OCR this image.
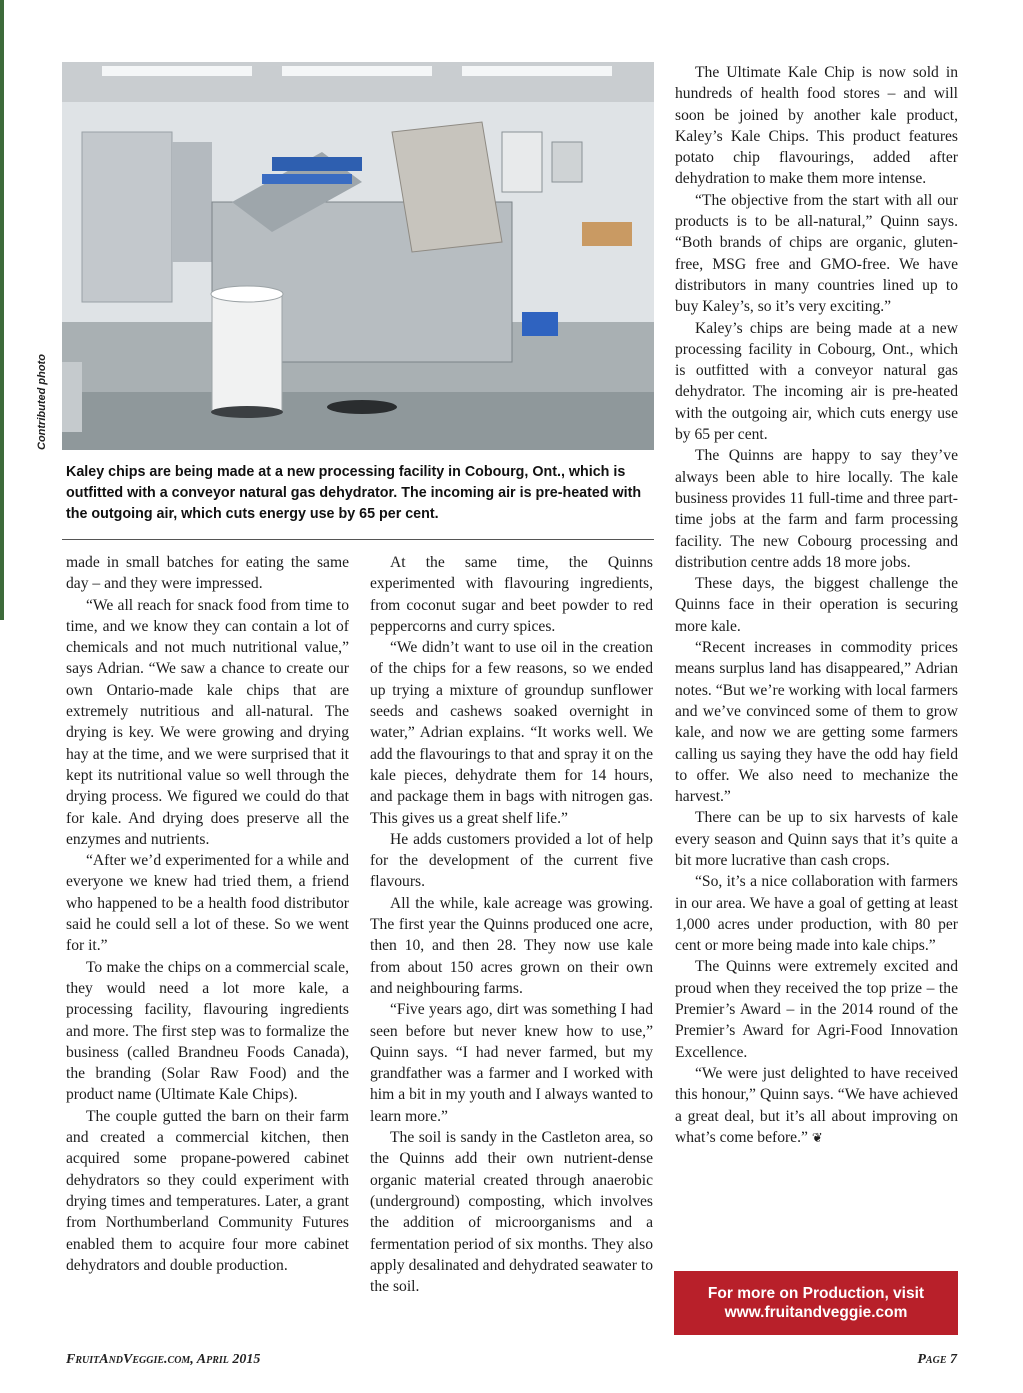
Contributed photo
Kaley chips are being made at a new processing facility in Cobourg, Ont., which is outfitted with a conveyor natural gas dehydrator. The incoming air is pre-heated with the outgoing air, which cuts energy use by 65 per cent.

made in small batches for eating the same day – and they were impressed.

“We all reach for snack food from time to time, and we know they can contain a lot of chemicals and not much nutritional value,” says Adrian. “We saw a chance to create our own Ontario-made kale chips that are extremely nutritious and all-natural. The drying is key. We were growing and drying hay at the time, and we were surprised that it kept its nutritional value so well through the drying process. We figured we could do that for kale. And drying does preserve all the enzymes and nutrients.

“After we’d experimented for a while and everyone we knew had tried them, a friend who happened to be a health food distributor said he could sell a lot of these. So we went for it.”

To make the chips on a commercial scale, they would need a lot more kale, a processing facility, flavouring ingredients and more. The first step was to formalize the business (called Brandneu Foods Canada), the branding (Solar Raw Food) and the product name (Ultimate Kale Chips).

The couple gutted the barn on their farm and created a commercial kitchen, then acquired some propane-powered cabinet dehydrators so they could experiment with drying times and temperatures. Later, a grant from Northumberland Community Futures enabled them to acquire four more cabinet dehydrators and double production.

At the same time, the Quinns experimented with flavouring ingredients, from coconut sugar and beet powder to red peppercorns and curry spices.

“We didn’t want to use oil in the creation of the chips for a few reasons, so we ended up trying a mixture of groundup sunflower seeds and cashews soaked overnight in water,” Adrian explains. “It works well. We add the flavourings to that and spray it on the kale pieces, dehydrate them for 14 hours, and package them in bags with nitrogen gas. This gives us a great shelf life.”

He adds customers provided a lot of help for the development of the current five flavours.

All the while, kale acreage was growing. The first year the Quinns produced one acre, then 10, and then 28. They now use kale from about 150 acres grown on their own and neighbouring farms.

“Five years ago, dirt was something I had seen before but never knew how to use,” Quinn says. “I had never farmed, but my grandfather was a farmer and I worked with him a bit in my youth and I always wanted to learn more.”

The soil is sandy in the Castleton area, so the Quinns add their own nutrient-dense organic material created through anaerobic (underground) composting, which involves the addition of microorganisms and a fermentation period of six months. They also apply desalinated and dehydrated seawater to the soil.

The Ultimate Kale Chip is now sold in hundreds of health food stores – and will soon be joined by another kale product, Kaley’s Kale Chips. This product features potato chip flavourings, added after dehydration to make them more intense.

“The objective from the start with all our products is to be all-natural,” Quinn says. “Both brands of chips are organic, gluten-free, MSG free and GMO-free. We have distributors in many countries lined up to buy Kaley’s, so it’s very exciting.”

Kaley’s chips are being made at a new processing facility in Cobourg, Ont., which is outfitted with a conveyor natural gas dehydrator. The incoming air is pre-heated with the outgoing air, which cuts energy use by 65 per cent.

The Quinns are happy to say they’ve always been able to hire locally. The kale business provides 11 full-time and three part-time jobs at the farm and farm processing facility. The new Cobourg processing and distribution centre adds 18 more jobs.

These days, the biggest challenge the Quinns face in their operation is securing more kale.

“Recent increases in commodity prices means surplus land has disappeared,” Adrian notes. “But we’re working with local farmers and we’ve convinced some of them to grow kale, and now we are getting some farmers calling us saying they have the odd hay field to offer. We also need to mechanize the harvest.”

There can be up to six harvests of kale every season and Quinn says that it’s quite a bit more lucrative than cash crops.

“So, it’s a nice collaboration with farmers in our area. We have a goal of getting at least 1,000 acres under production, with 80 per cent or more being made into kale chips.”

The Quinns were extremely excited and proud when they received the top prize – the Premier’s Award – in the 2014 round of the Premier’s Award for Agri-Food Innovation Excellence.

“We were just delighted to have received this honour,” Quinn says. “We have achieved a great deal, but it’s all about improving on what’s come before.” ❦

For more on Production, visit
www.fruitandveggie.com
FruitAndVeggie.com, April 2015	Page 7
